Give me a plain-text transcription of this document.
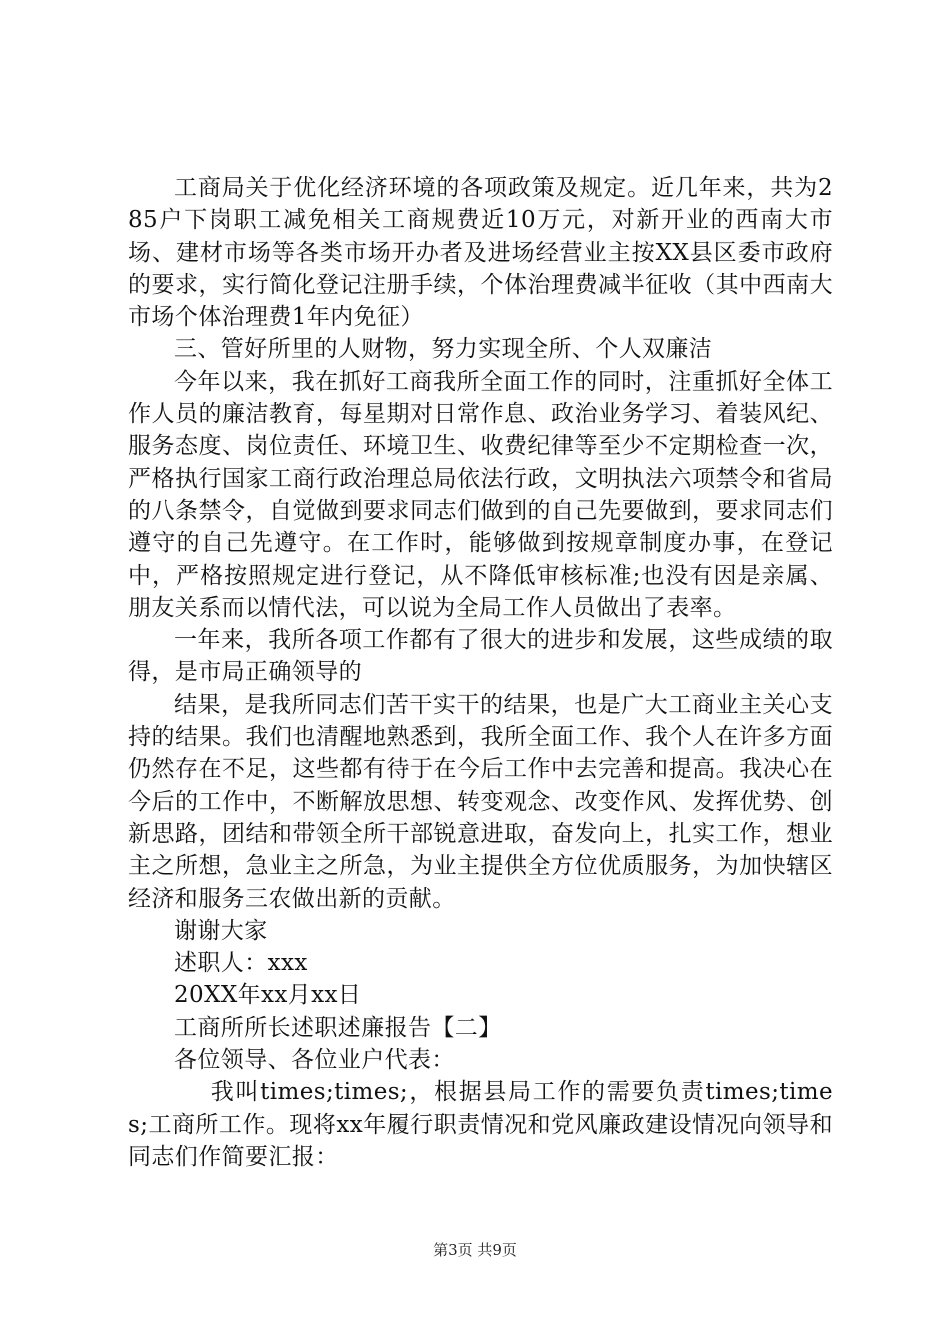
工商局关于优化经济环境的各项政策及规定。近几年来，共为285户下岗职工减免相关工商规费近10万元，对新开业的西南大市场、建材市场等各类市场开办者及进场经营业主按XX县区委市政府的要求，实行简化登记注册手续，个体治理费减半征收（其中西南大市场个体治理费1年内免征）

三、管好所里的人财物，努力实现全所、个人双廉洁

今年以来，我在抓好工商我所全面工作的同时，注重抓好全体工作人员的廉洁教育，每星期对日常作息、政治业务学习、着装风纪、服务态度、岗位责任、环境卫生、收费纪律等至少不定期检查一次，严格执行国家工商行政治理总局依法行政，文明执法六项禁令和省局的八条禁令，自觉做到要求同志们做到的自己先要做到，要求同志们遵守的自己先遵守。在工作时，能够做到按规章制度办事，在登记中，严格按照规定进行登记，从不降低审核标准;也没有因是亲属、朋友关系而以情代法，可以说为全局工作人员做出了表率。

一年来，我所各项工作都有了很大的进步和发展，这些成绩的取得，是市局正确领导的

结果，是我所同志们苦干实干的结果，也是广大工商业主关心支持的结果。我们也清醒地熟悉到，我所全面工作、我个人在许多方面仍然存在不足，这些都有待于在今后工作中去完善和提高。我决心在今后的工作中，不断解放思想、转变观念、改变作风、发挥优势、创新思路，团结和带领全所干部锐意进取，奋发向上，扎实工作，想业主之所想，急业主之所急，为业主提供全方位优质服务，为加快辖区经济和服务三农做出新的贡献。

谢谢大家

述职人：xxx

20XX年xx月xx日

工商所所长述职述廉报告【二】

各位领导、各位业户代表：

我叫times;times;，根据县局工作的需要负责times;times;工商所工作。现将xx年履行职责情况和党风廉政建设情况向领导和同志们作简要汇报：

第3页 共9页
